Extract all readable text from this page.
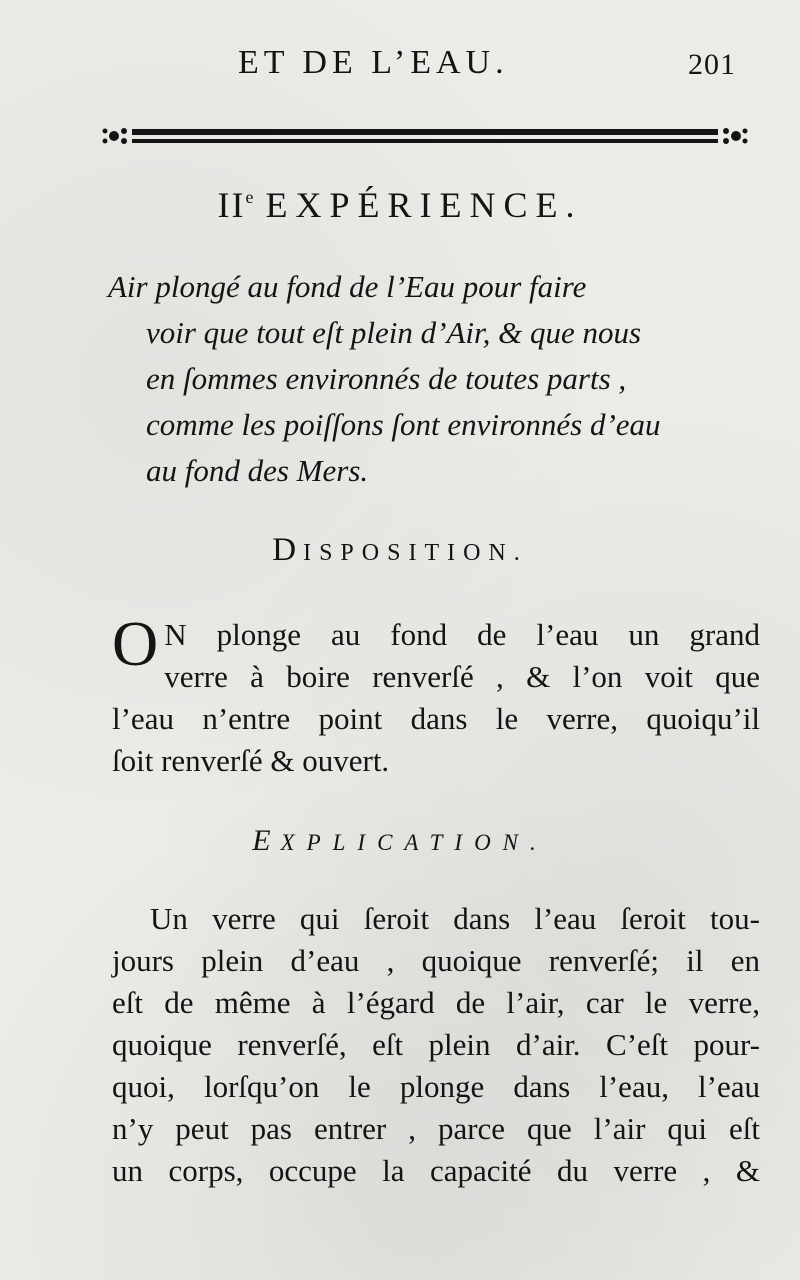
ET DE L’EAU.	201
IIe EXPÉRIENCE.
Air plongé au fond de l’Eau pour faire
voir que tout eſt plein d’Air, & que nous
en ſommes environnés de toutes parts ,
comme les poiſſons ſont environnés d’eau
au fond des Mers.
DISPOSITION.
O N plonge au fond de l’eau un grand
verre à boire renverſé , & l’on voit que
l’eau n’entre point dans le verre, quoiqu’il
ſoit renverſé & ouvert.
EXPLICATION.
Un verre qui ſeroit dans l’eau ſeroit tou-
jours plein d’eau , quoique renverſé; il en
eſt de même à l’égard de l’air, car le verre,
quoique renverſé, eſt plein d’air. C’eſt pour-
quoi, lorſqu’on le plonge dans l’eau, l’eau
n’y peut pas entrer , parce que l’air qui eſt
un corps, occupe la capacité du verre , &
